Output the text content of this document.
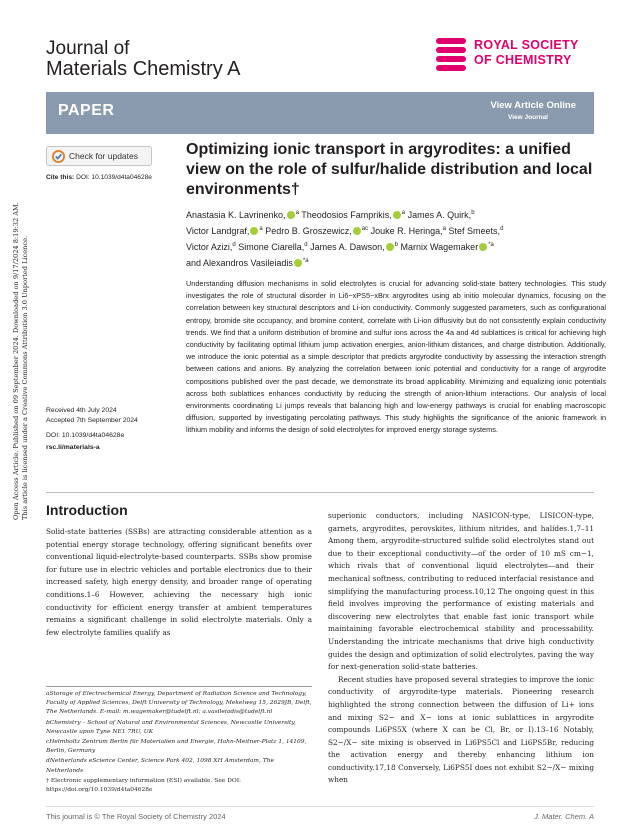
Journal of
Materials Chemistry A
ROYAL SOCIETY
OF CHEMISTRY
PAPER	View Article Online
View Journal
Open Access Article. Published on 09 September 2024. Downloaded on 9/17/2024 8:19:32 AM. This article is licensed under a Creative Commons Attribution 3.0 Unported Licence.
Check for updates
Cite this: DOI: 10.1039/d4ta04628e
Optimizing ionic transport in argyrodites: a unified view on the role of sulfur/halide distribution and local environments†
Anastasia K. Lavrinenko, $^a$ Theodosios Famprikis, $^a$ James A. Quirk,$^b$
Victor Landgraf, $^a$ Pedro B. Groszewicz, $^{ac}$ Jouke R. Heringa,$^a$ Stef Smeets,$^d$
Victor Azizi,$^d$ Simone Ciarella,$^d$ James A. Dawson, $^b$ Marnix Wagemaker $^{*a}$
and Alexandros Vasileiadis $^{*a}$

Understanding diffusion mechanisms in solid electrolytes is crucial for advancing solid-state battery technologies. This study investigates the role of structural disorder in Li6−xPS5−xBrx argyrodites using ab initio molecular dynamics, focusing on the correlation between key structural descriptors and Li-ion conductivity. Commonly suggested parameters, such as configurational entropy, bromide site occupancy, and bromine content, correlate with Li-ion diffusivity but do not consistently explain conductivity trends. We find that a uniform distribution of bromine and sulfur ions across the 4a and 4d sublattices is critical for achieving high conductivity by facilitating optimal lithium jump activation energies, anion-lithium distances, and charge distribution. Additionally, we introduce the ionic potential as a simple descriptor that predicts argyrodite conductivity by assessing the interaction strength between cations and anions. By analyzing the correlation between ionic potential and conductivity for a range of argyrodite compositions published over the past decade, we demonstrate its broad applicability. Minimizing and equalizing ionic potentials across both sublattices enhances conductivity by reducing the strength of anion-lithium interactions. Our analysis of local environments coordinating Li jumps reveals that balancing high and low-energy pathways is crucial for enabling macroscopic diffusion, supported by investigating percolating pathways. This study highlights the significance of the anionic framework in lithium mobility and informs the design of solid electrolytes for improved energy storage systems.

Received 4th July 2024
Accepted 7th September 2024
DOI: 10.1039/d4ta04628e
rsc.li/materials-a
Introduction

Solid-state batteries (SSBs) are attracting considerable attention as a potential energy storage technology, offering significant benefits over conventional liquid-electrolyte-based counterparts. SSBs show promise for future use in electric vehicles and portable electronics due to their increased safety, high energy density, and broader range of operating conditions.1–6 However, achieving the necessary high ionic conductivity for efficient energy transfer at ambient temperatures remains a significant challenge in solid electrolyte materials. Only a few electrolyte families qualify as

superionic conductors, including NASICON-type, LISICON-type, garnets, argyrodites, perovskites, lithium nitrides, and halides.1,7–11 Among them, argyrodite-structured sulfide solid electrolytes stand out due to their exceptional conductivity—of the order of 10 mS cm−1, which rivals that of conventional liquid electrolytes—and their mechanical softness, contributing to reduced interfacial resistance and simplifying the manufacturing process.10,12 The ongoing quest in this field involves improving the performance of existing materials and discovering new electrolytes that enable fast ionic transport while maintaining favorable electrochemical stability and processability. Understanding the intricate mechanisms that drive high conductivity guides the design and optimization of solid electrolytes, paving the way for next-generation solid-state batteries.

Recent studies have proposed several strategies to improve the ionic conductivity of argyrodite-type materials. Pioneering research highlighted the strong connection between the diffusion of Li+ ions and mixing S2− and X− ions at ionic sublattices in argyrodite compounds Li6PS5X (where X can be Cl, Br, or I).13–16 Notably, S2−/X− site mixing is observed in Li6PS5Cl and Li6PS5Br, reducing the activation energy and thereby enhancing lithium ion conductivity.17,18 Conversely, Li6PS5I does not exhibit S2−/X− mixing when

aStorage of Electrochemical Energy, Department of Radiation Science and Technology, Faculty of Applied Sciences, Delft University of Technology, Mekelweg 15, 2629JB, Delft, The Netherlands. E-mail: m.wagemaker@tudelft.nl; a.vasileiadis@tudelft.nl

bChemistry – School of Natural and Environmental Sciences, Newcastle University, Newcastle upon Tyne NE1 7RU, UK

cHelmholtz Zentrum Berlin für Materialien und Energie, Hahn-Meitner-Platz 1, 14109, Berlin, Germany

dNetherlands eScience Center, Science Park 402, 1098 XH Amsterdam, The Netherlands

† Electronic supplementary information (ESI) available. See DOI: https://doi.org/10.1039/d4ta04628e

This journal is © The Royal Society of Chemistry 2024	J. Mater. Chem. A
